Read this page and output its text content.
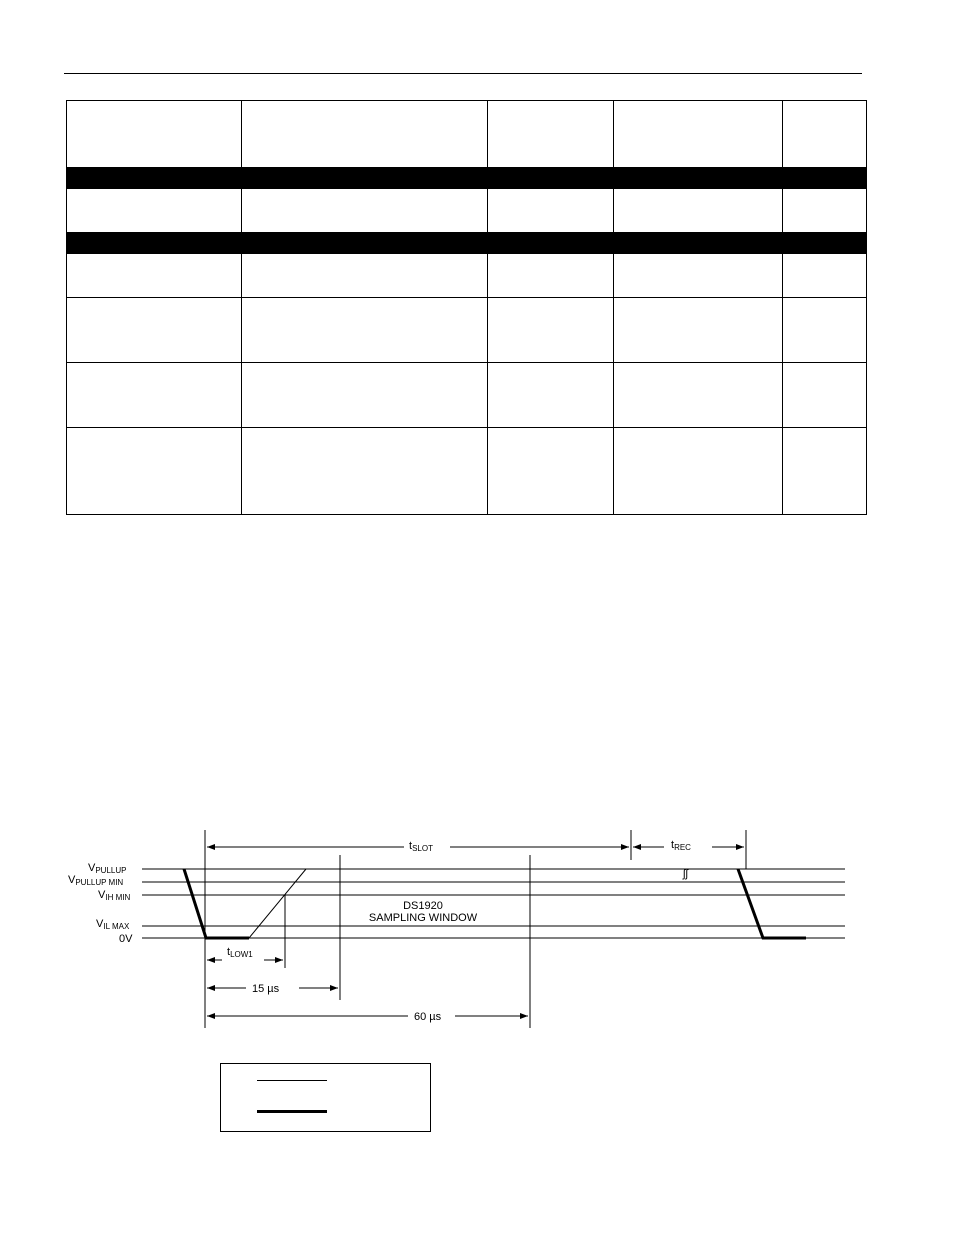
VPULLUP
VPULLUP MIN
VIH MIN
VIL MAX
0V
ʃʃ
tSLOT	tREC
tLOW1
15 µs
60 µs
DS1920
SAMPLING WINDOW
